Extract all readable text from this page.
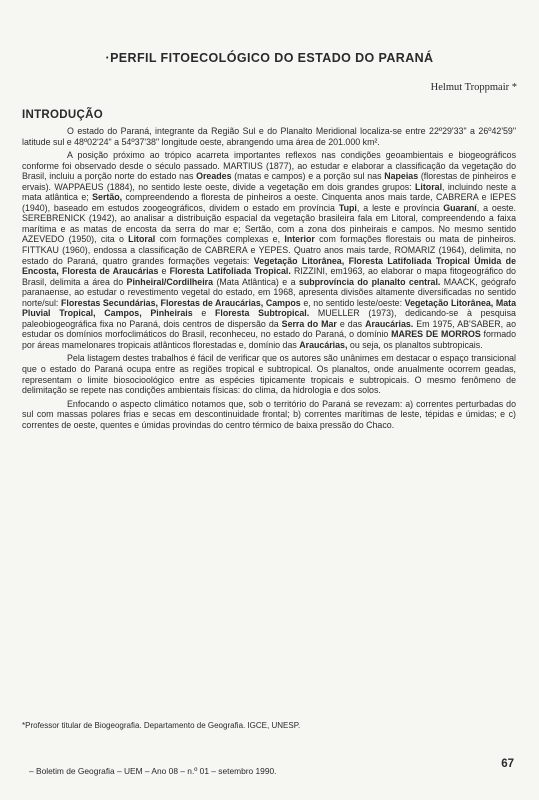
·PERFIL FITOECOLÓGICO DO ESTADO DO PARANÁ
Helmut Troppmair *
INTRODUÇÃO

O estado do Paraná, integrante da Região Sul e do Planalto Meridional localiza-se entre 22º29'33" a 26º42'59" latitude sul e 48º02'24" a 54º37'38" longitude oeste, abrangendo uma área de 201.000 km².

A posição próximo ao trópico acarreta importantes reflexos nas condições geoambientais e biogeográficos conforme foi observado desde o século passado. MARTIUS (1877), ao estudar e elaborar a classificação da vegetação do Brasil, incluiu a porção norte do estado nas Oreades (matas e campos) e a porção sul nas Napeias (florestas de pinheiros e ervais). WAPPAEUS (1884), no sentido leste oeste, divide a vegetação em dois grandes grupos: Litoral, incluindo neste a mata atlântica e; Sertão, compreendendo a floresta de pinheiros a oeste. Cinquenta anos mais tarde, CABRERA e IEPES (1940), baseado em estudos zoogeográficos, dividem o estado em província Tupi, a leste e província Guaraní, a oeste. SEREBRENICK (1942), ao analisar a distribuição espacial da vegetação brasileira fala em Litoral, compreendendo a faixa marítima e as matas de encosta da serra do mar e; Sertão, com a zona dos pinheirais e campos. No mesmo sentido AZEVEDO (1950), cita o Litoral com formações complexas e, Interior com formações florestais ou mata de pinheiros. FITTKAU (1960), endossa a classificação de CABRERA e YEPES. Quatro anos mais tarde, ROMARIZ (1964), delimita, no estado do Paraná, quatro grandes formações vegetais: Vegetação Litorânea, Floresta Latifoliada Tropical Úmida de Encosta, Floresta de Araucárias e Floresta Latifoliada Tropical. RIZZINI, em1963, ao elaborar o mapa fitogeográfico do Brasil, delimita a área do Pinheiral/Cordilheira (Mata Atlântica) e a subprovíncia do planalto central. MAACK, geógrafo paranaense, ao estudar o revestimento vegetal do estado, em 1968, apresenta divisões altamente diversificadas no sentido norte/sul: Florestas Secundárias, Florestas de Araucárias, Campos e, no sentido leste/oeste: Vegetação Litorânea, Mata Pluvial Tropical, Campos, Pinheirais e Floresta Subtropical. MUELLER (1973), dedicando-se à pesquisa paleobiogeográfica fixa no Paraná, dois centros de dispersão da Serra do Mar e das Araucárias. Em 1975, AB'SABER, ao estudar os domínios morfoclimáticos do Brasil, reconheceu, no estado do Paraná, o domínio MARES DE MORROS formado por áreas mamelonares tropicais atlânticos florestadas e, domínio das Araucárias, ou seja, os planaltos subtropicais.

Pela listagem destes trabalhos é fácil de verificar que os autores são unânimes em destacar o espaço transicional que o estado do Paraná ocupa entre as regiões tropical e subtropical. Os planaltos, onde anualmente ocorrem geadas, representam o limite biosocioológico entre as espécies tipicamente tropicais e subtropicais. O mesmo fenômeno de delimitação se repete nas condições ambientais físicas: do clima, da hidrologia e dos solos.

Enfocando o aspecto climático notamos que, sob o território do Paraná se revezam: a) correntes perturbadas do sul com massas polares frias e secas em descontinuidade frontal; b) correntes marítimas de leste, tépidas e úmidas; e c) correntes de oeste, quentes e úmidas provindas do centro térmico de baixa pressão do Chaco.

*Professor titular de Biogeografia. Departamento de Geografia. IGCE, UNESP.
– Boletim de Geografia – UEM – Ano 08 – n.º 01 – setembro 1990.
67
